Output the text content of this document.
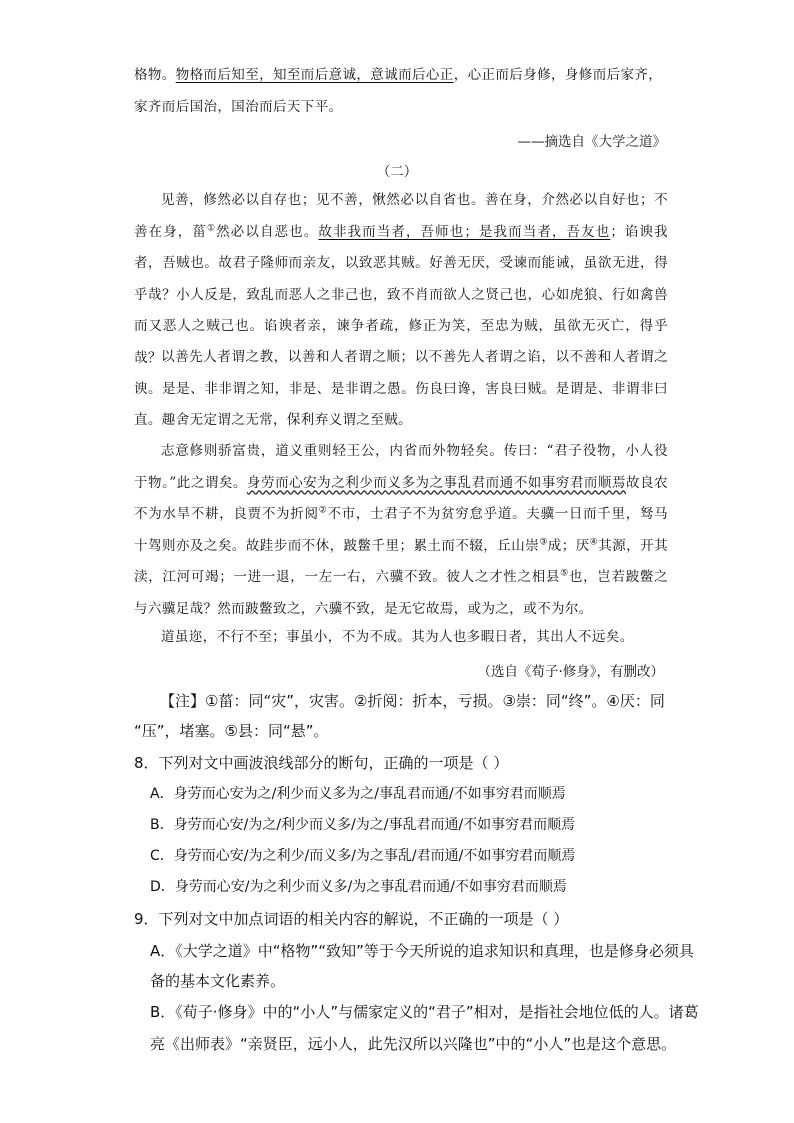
格物。物格而后知至，知至而后意诚，意诚而后心正，心正而后身修，身修而后家齐，
家齐而后国治，国治而后天下平。
——摘选自《大学之道》
（二）
见善，修然必以自存也；见不善，愀然必以自省也。善在身，介然必以自好也；不善在身，菑①然必以自恶也。故非我而当者，吾师也；是我而当者，吾友也；谄谀我者，吾贼也。故君子隆师而亲友，以致恶其贼。好善无厌，受谏而能诫，虽欲无进，得乎哉？小人反是，致乱而恶人之非己也，致不肖而欲人之贤己也，心如虎狼、行如禽兽而又恶人之贼己也。谄谀者亲，谏争者疏，修正为笑，至忠为贼，虽欲无灭亡，得乎哉？ 以善先人者谓之教，以善和人者谓之顺；以不善先人者谓之谄，以不善和人者谓之谀。是是、非非谓之知，非是、是非谓之愚。伤良曰谗，害良曰贼。是谓是、非谓非曰直。趣舍无定谓之无常，保利弃义谓之至贼。
志意修则骄富贵，道义重则轻王公，内省而外物轻矣。传曰：“君子役物，小人役于物。”此之谓矣。身劳而心安为之利少而义多为之事乱君而通不如事穷君而顺焉故良农不为水旱不耕，良贾不为折阅②不市，士君子不为贫穷怠乎道。夫骥一日而千里，驽马十驾则亦及之矣。故跬步而不休，跛鳖千里；累土而不辍，丘山崇③成；厌④其源，开其渎，江河可竭；一进一退，一左一右，六骥不致。彼人之才性之相县⑤也，岂若跛鳖之与六骥足哉？然而跛鳖致之，六骥不致，是无它故焉，或为之，或不为尔。
道虽迩，不行不至；事虽小，不为不成。其为人也多暇日者，其出人不远矣。
（选自《荀子·修身》，有删改）
【注】①菑：同“灾”，灾害。②折阅：折本，亏损。③崇：同“终”。④厌：同
“压”，堵塞。⑤县：同“悬”。
8．下列对文中画波浪线部分的断句，正确的一项是（ ）
A．身劳而心安为之/利少而义多为之/事乱君而通/不如事穷君而顺焉
B．身劳而心安/为之/利少而义多/为之/事乱君而通/不如事穷君而顺焉
C．身劳而心安/为之利少/而义多/为之事乱/君而通/不如事穷君而顺焉
D．身劳而心安/为之利少而义多/为之事乱君而通/不如事穷君而顺焉
9．下列对文中加点词语的相关内容的解说，不正确的一项是（ ）
A．《大学之道》中“格物”“致知”等于今天所说的追求知识和真理，也是修身必须具
备的基本文化素养。
B．《荀子·修身》中的“小人”与儒家定义的“君子”相对，是指社会地位低的人。诸葛
亮《出师表》“亲贤臣，远小人，此先汉所以兴隆也”中的“小人”也是这个意思。
